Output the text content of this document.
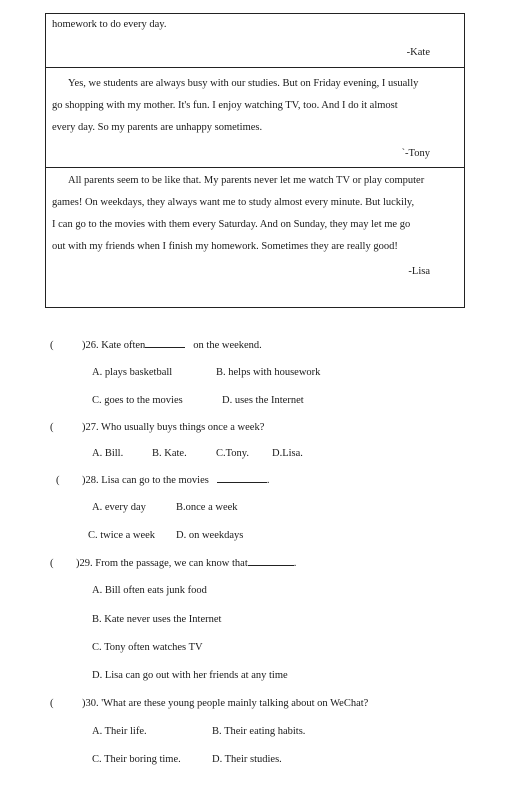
homework to do every day.
-Kate
Yes, we students are always busy with our studies. But on Friday evening, I usually
go shopping with my mother. It's fun. I enjoy watching TV, too. And I do it almost
every day. So my parents are unhappy sometimes.
`-Tony
All parents seem to be like that. My parents never let me watch TV or play computer
games! On weekdays, they always want me to study almost every minute. But luckily,
I can go to the movies with them every Saturday. And on Sunday, they may let me go
out with my friends when I finish my homework. Sometimes they are really good!
-Lisa
(	)26. Kate often	on the weekend.
A. plays basketball	B. helps with housework
C. goes to the movies	D. uses the Internet
(	)27. Who usually buys things once a week?
A. Bill.	B. Kate.	C.Tony. D.Lisa.
( )28. Lisa can go to the movies	.
A. every day	B.once a week
C. twice a week D. on weekdays
( )29. From the passage, we can know that	.
A. Bill often eats junk food
B. Kate never uses the Internet
C. Tony often watches TV
D. Lisa can go out with her friends at any time
(	)30. 'What are these young people mainly talking about on WeChat?
A. Their life.	B. Their eating habits.
C. Their boring time.	D. Their studies.
